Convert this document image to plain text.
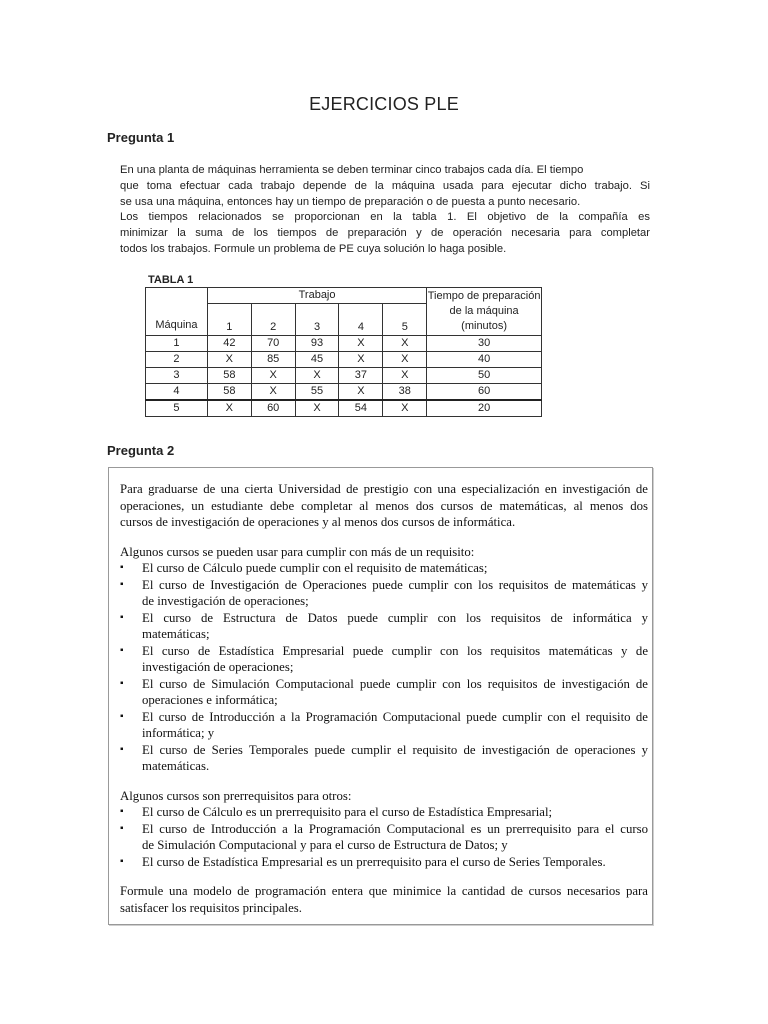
EJERCICIOS PLE
Pregunta 1
En una planta de máquinas herramienta se deben terminar cinco trabajos cada día. El tiempo
que toma efectuar cada trabajo depende de la máquina usada para ejecutar dicho trabajo. Si
se usa una máquina, entonces hay un tiempo de preparación o de puesta a punto necesario.
Los tiempos relacionados se proporcionan en la tabla 1. El objetivo de la compañía es
minimizar la suma de los tiempos de preparación y de operación necesaria para completar
todos los trabajos. Formule un problema de PE cuya solución lo haga posible.
TABLA 1
	Trabajo					Tiempo de preparación de la máquina (minutos)
Máquina	1	2	3	4	5	
1	42	70	93	X	X	30
2	X	85	45	X	X	40
3	58	X	X	37	X	50
4	58	X	55	X	38	60
5	X	60	X	54	X	20
Pregunta 2
Para graduarse de una cierta Universidad de prestigio con una especialización en investigación de
operaciones, un estudiante debe completar al menos dos cursos de matemáticas, al menos dos
cursos de investigación de operaciones y al menos dos cursos de informática.
Algunos cursos se pueden usar para cumplir con más de un requisito:
▪ El curso de Cálculo puede cumplir con el requisito de matemáticas;
▪ El curso de Investigación de Operaciones puede cumplir con los requisitos de matemáticas y
de investigación de operaciones;
▪ El curso de Estructura de Datos puede cumplir con los requisitos de informática y
matemáticas;
▪ El curso de Estadística Empresarial puede cumplir con los requisitos matemáticas y de
investigación de operaciones;
▪ El curso de Simulación Computacional puede cumplir con los requisitos de investigación de
operaciones e informática;
▪ El curso de Introducción a la Programación Computacional puede cumplir con el requisito de
informática; y
▪ El curso de Series Temporales puede cumplir el requisito de investigación de operaciones y
matemáticas.
Algunos cursos son prerrequisitos para otros:
▪ El curso de Cálculo es un prerrequisito para el curso de Estadística Empresarial;
▪ El curso de Introducción a la Programación Computacional es un prerrequisito para el curso
de Simulación Computacional y para el curso de Estructura de Datos; y
▪ El curso de Estadística Empresarial es un prerrequisito para el curso de Series Temporales.
Formule una modelo de programación entera que minimice la cantidad de cursos necesarios para
satisfacer los requisitos principales.
